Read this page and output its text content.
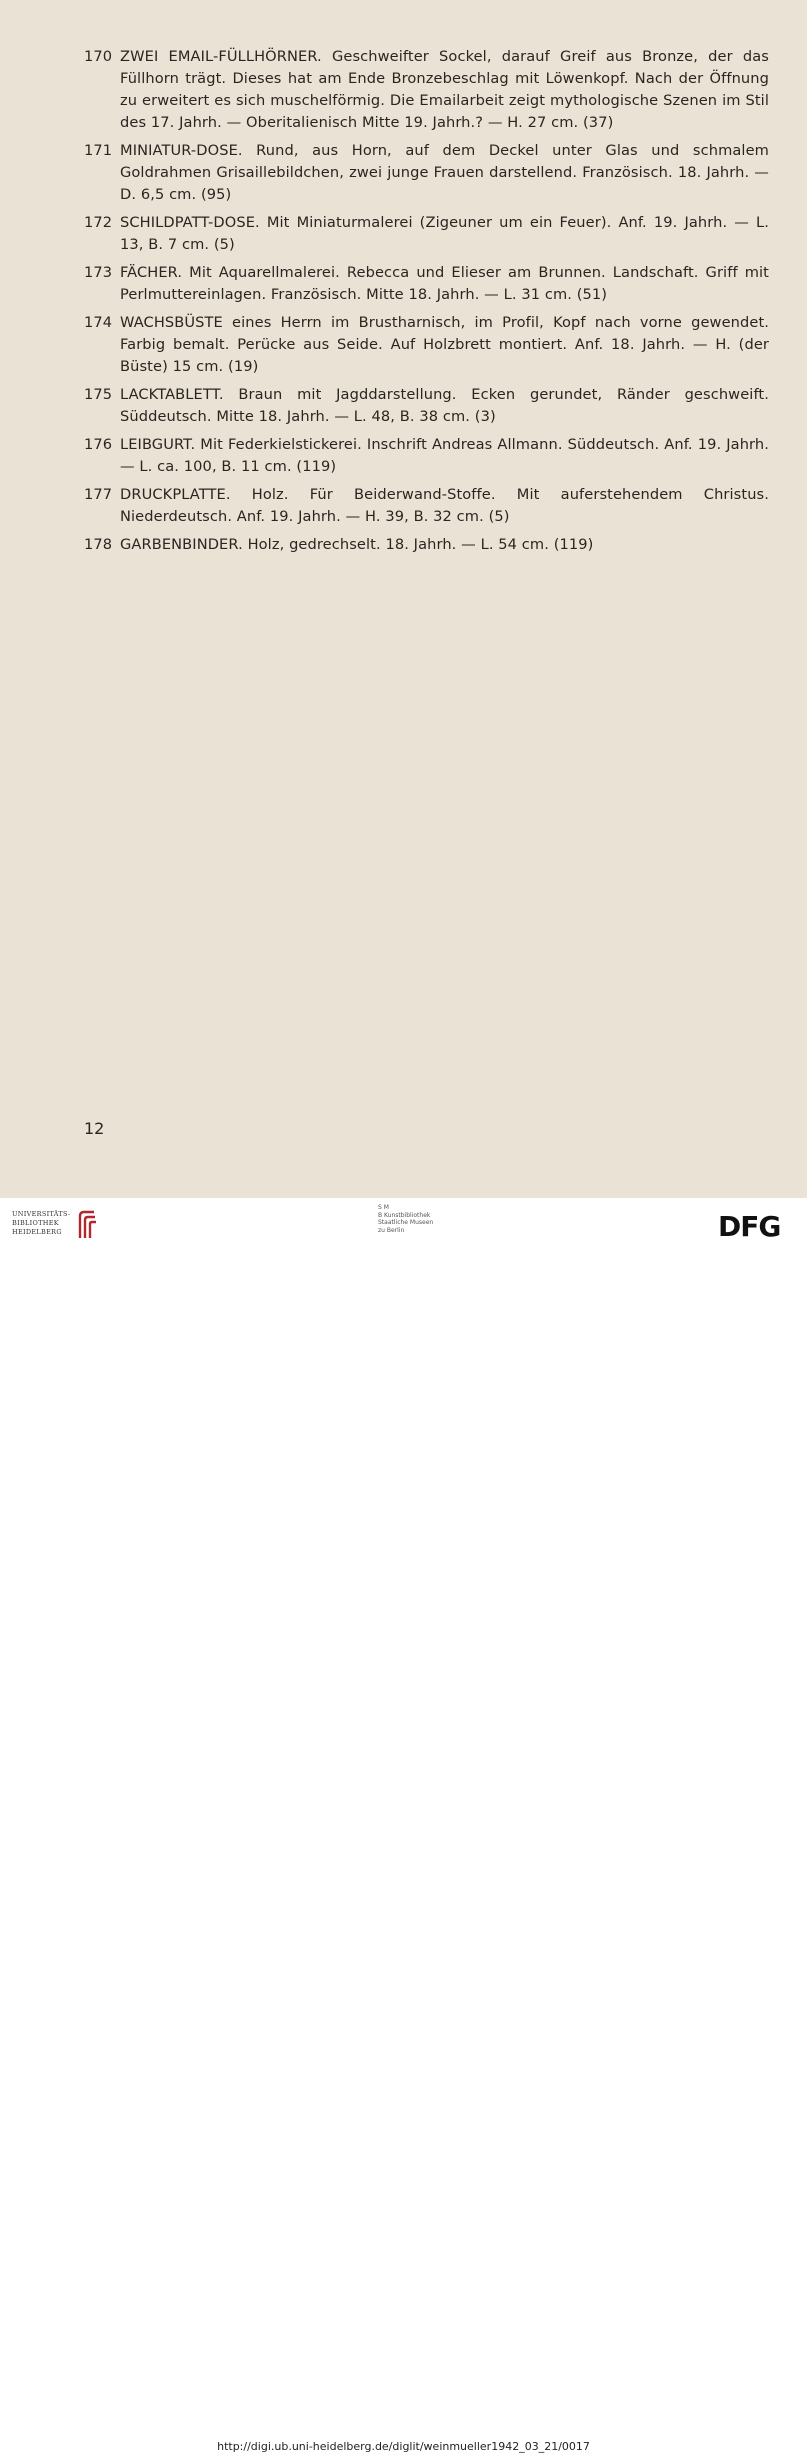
170 ZWEI EMAIL-FÜLLHÖRNER. Geschweifter Sockel, darauf Greif aus Bronze, der das Füllhorn trägt. Dieses hat am Ende Bronzebeschlag mit Löwenkopf. Nach der Öffnung zu erweitert es sich muschelförmig. Die Emailarbeit zeigt mythologische Szenen im Stil des 17. Jahrh. — Oberitalienisch Mitte 19. Jahrh.? — H. 27 cm. (37)
171 MINIATUR-DOSE. Rund, aus Horn, auf dem Deckel unter Glas und schmalem Goldrahmen Grisaillebildchen, zwei junge Frauen darstellend. Französisch. 18. Jahrh. — D. 6,5 cm. (95)
172 SCHILDPATT-DOSE. Mit Miniaturmalerei (Zigeuner um ein Feuer). Anf. 19. Jahrh. — L. 13, B. 7 cm. (5)
173 FÄCHER. Mit Aquarellmalerei. Rebecca und Elieser am Brunnen. Landschaft. Griff mit Perlmuttereinlagen. Französisch. Mitte 18. Jahrh. — L. 31 cm. (51)
174 WACHSBÜSTE eines Herrn im Brustharnisch, im Profil, Kopf nach vorne gewendet. Farbig bemalt. Perücke aus Seide. Auf Holzbrett montiert. Anf. 18. Jahrh. — H. (der Büste) 15 cm. (19)
175 LACKTABLETT. Braun mit Jagddarstellung. Ecken gerundet, Ränder geschweift. Süddeutsch. Mitte 18. Jahrh. — L. 48, B. 38 cm. (3)
176 LEIBGURT. Mit Federkielstickerei. Inschrift Andreas Allmann. Süddeutsch. Anf. 19. Jahrh. — L. ca. 100, B. 11 cm. (119)
177 DRUCKPLATTE. Holz. Für Beiderwand-Stoffe. Mit auferstehendem Christus. Niederdeutsch. Anf. 19. Jahrh. — H. 39, B. 32 cm. (5)
178 GARBENBINDER. Holz, gedrechselt. 18. Jahrh. — L. 54 cm. (119)
12
UNIVERSITÄTS-
BIBLIOTHEK
HEIDELBERG
S M
B Kunstbibliothek
Staatliche Museen
zu Berlin	DFG
http://digi.ub.uni-heidelberg.de/diglit/weinmueller1942_03_21/0017
